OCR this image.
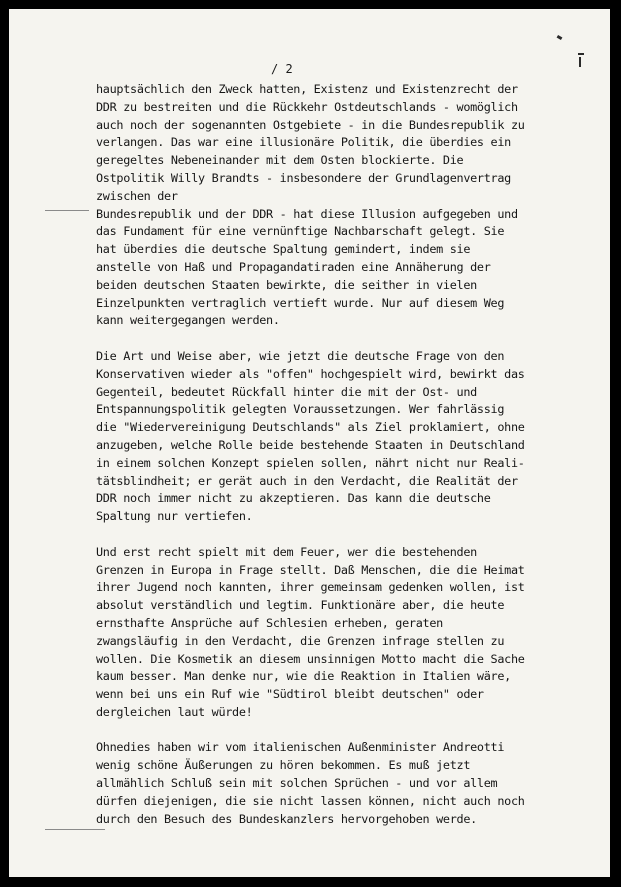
/ 2

hauptsächlich den Zweck hatten, Existenz und Existenzrecht der
DDR zu bestreiten und die Rückkehr Ostdeutschlands - womöglich
auch noch der sogenannten Ostgebiete - in die Bundesrepublik zu
verlangen. Das war eine illusionäre Politik, die überdies ein
geregeltes Nebeneinander mit dem Osten blockierte. Die
Ostpolitik Willy Brandts - insbesondere der Grundlagenvertrag
zwischen der
Bundesrepublik und der DDR - hat diese Illusion aufgegeben und
das Fundament für eine vernünftige Nachbarschaft gelegt. Sie
hat überdies die deutsche Spaltung gemindert, indem sie
anstelle von Haß und Propagandatiraden eine Annäherung der
beiden deutschen Staaten bewirkte, die seither in vielen
Einzelpunkten vertraglich vertieft wurde. Nur auf diesem Weg
kann weitergegangen werden.
Die Art und Weise aber, wie jetzt die deutsche Frage von den
Konservativen wieder als "offen" hochgespielt wird, bewirkt das
Gegenteil, bedeutet Rückfall hinter die mit der Ost- und
Entspannungspolitik gelegten Voraussetzungen. Wer fahrlässig
die "Wiedervereinigung Deutschlands" als Ziel proklamiert, ohne
anzugeben, welche Rolle beide bestehende Staaten in Deutschland
in einem solchen Konzept spielen sollen, nährt nicht nur Reali-
tätsblindheit; er gerät auch in den Verdacht, die Realität der
DDR noch immer nicht zu akzeptieren. Das kann die deutsche
Spaltung nur vertiefen.
Und erst recht spielt mit dem Feuer, wer die bestehenden
Grenzen in Europa in Frage stellt. Daß Menschen, die die Heimat
ihrer Jugend noch kannten, ihrer gemeinsam gedenken wollen, ist
absolut verständlich und legtim. Funktionäre aber, die heute
ernsthafte Ansprüche auf Schlesien erheben, geraten
zwangsläufig in den Verdacht, die Grenzen infrage stellen zu
wollen. Die Kosmetik an diesem unsinnigen Motto macht die Sache
kaum besser. Man denke nur, wie die Reaktion in Italien wäre,
wenn bei uns ein Ruf wie "Südtirol bleibt deutschen" oder
dergleichen laut würde!
Ohnedies haben wir vom italienischen Außenminister Andreotti
wenig schöne Äußerungen zu hören bekommen. Es muß jetzt
allmählich Schluß sein mit solchen Sprüchen - und vor allem
dürfen diejenigen, die sie nicht lassen können, nicht auch noch
durch den Besuch des Bundeskanzlers hervorgehoben werde.
